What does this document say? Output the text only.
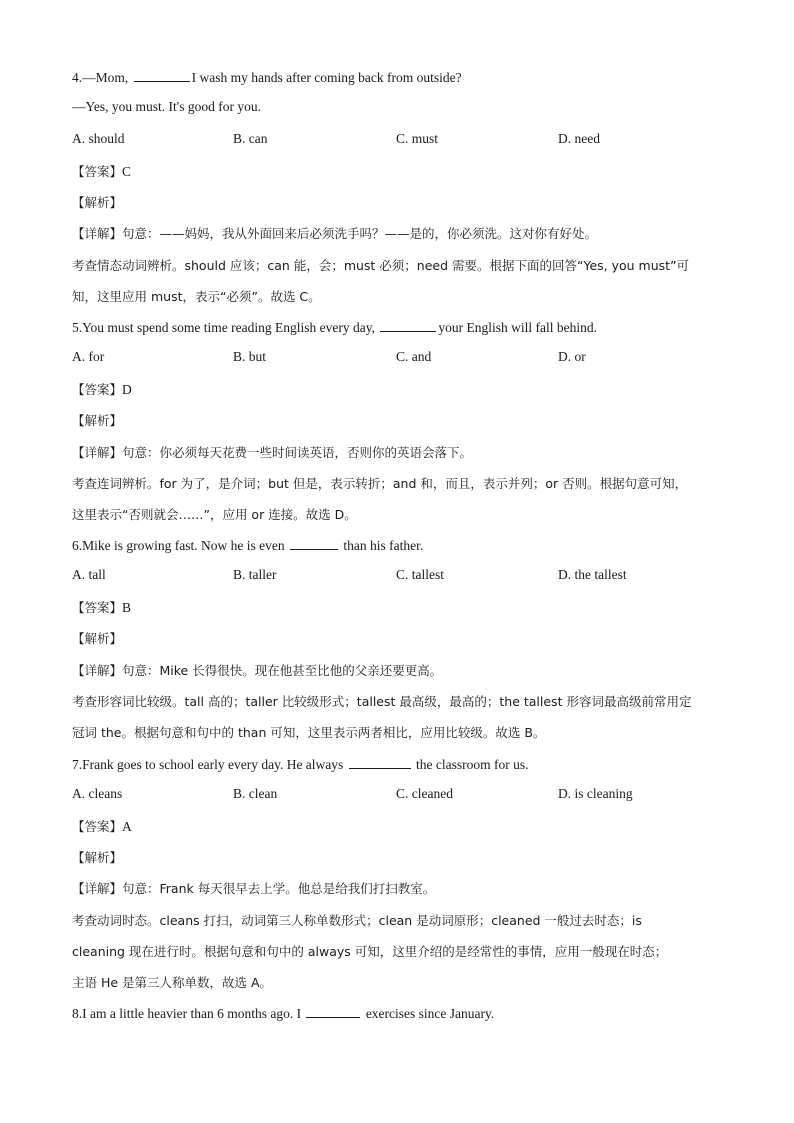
4.—Mom,	I wash my hands after coming back from outside?
—Yes, you must. It's good for you.
A. should	B. can	C. must	D. need
【答案】C
【解析】
【详解】句意：——妈妈，我从外面回来后必须洗手吗？——是的，你必须洗。这对你有好处。
考查情态动词辨析。should 应该；can 能，会；must 必须；need 需要。根据下面的回答“Yes, you must”可
知，这里应用 must，表示“必须”。故选 C。
5.You must spend some time reading English every day,	your English will fall behind.
A. for	B. but	C. and	D. or
【答案】D
【解析】
【详解】句意：你必须每天花费一些时间读英语，否则你的英语会落下。
考查连词辨析。for 为了，是介词；but 但是，表示转折；and 和，而且，表示并列；or 否则。根据句意可知，
这里表示“否则就会……”，应用 or 连接。故选 D。
6.Mike is growing fast. Now he is even	than his father.
A. tall	B. taller	C. tallest	D. the tallest
【答案】B
【解析】
【详解】句意：Mike 长得很快。现在他甚至比他的父亲还要更高。
考查形容词比较级。tall 高的；taller 比较级形式；tallest 最高级，最高的；the tallest 形容词最高级前常用定
冠词 the。根据句意和句中的 than 可知，这里表示两者相比，应用比较级。故选 B。
7.Frank goes to school early every day. He always	the classroom for us.
A. cleans	B. clean	C. cleaned	D. is cleaning
【答案】A
【解析】
【详解】句意：Frank 每天很早去上学。他总是给我们打扫教室。
考查动词时态。cleans 打扫，动词第三人称单数形式；clean 是动词原形；cleaned 一般过去时态；is
cleaning 现在进行时。根据句意和句中的 always 可知，这里介绍的是经常性的事情，应用一般现在时态；
主语 He 是第三人称单数，故选 A。
8.I am a little heavier than 6 months ago. I	exercises since January.
